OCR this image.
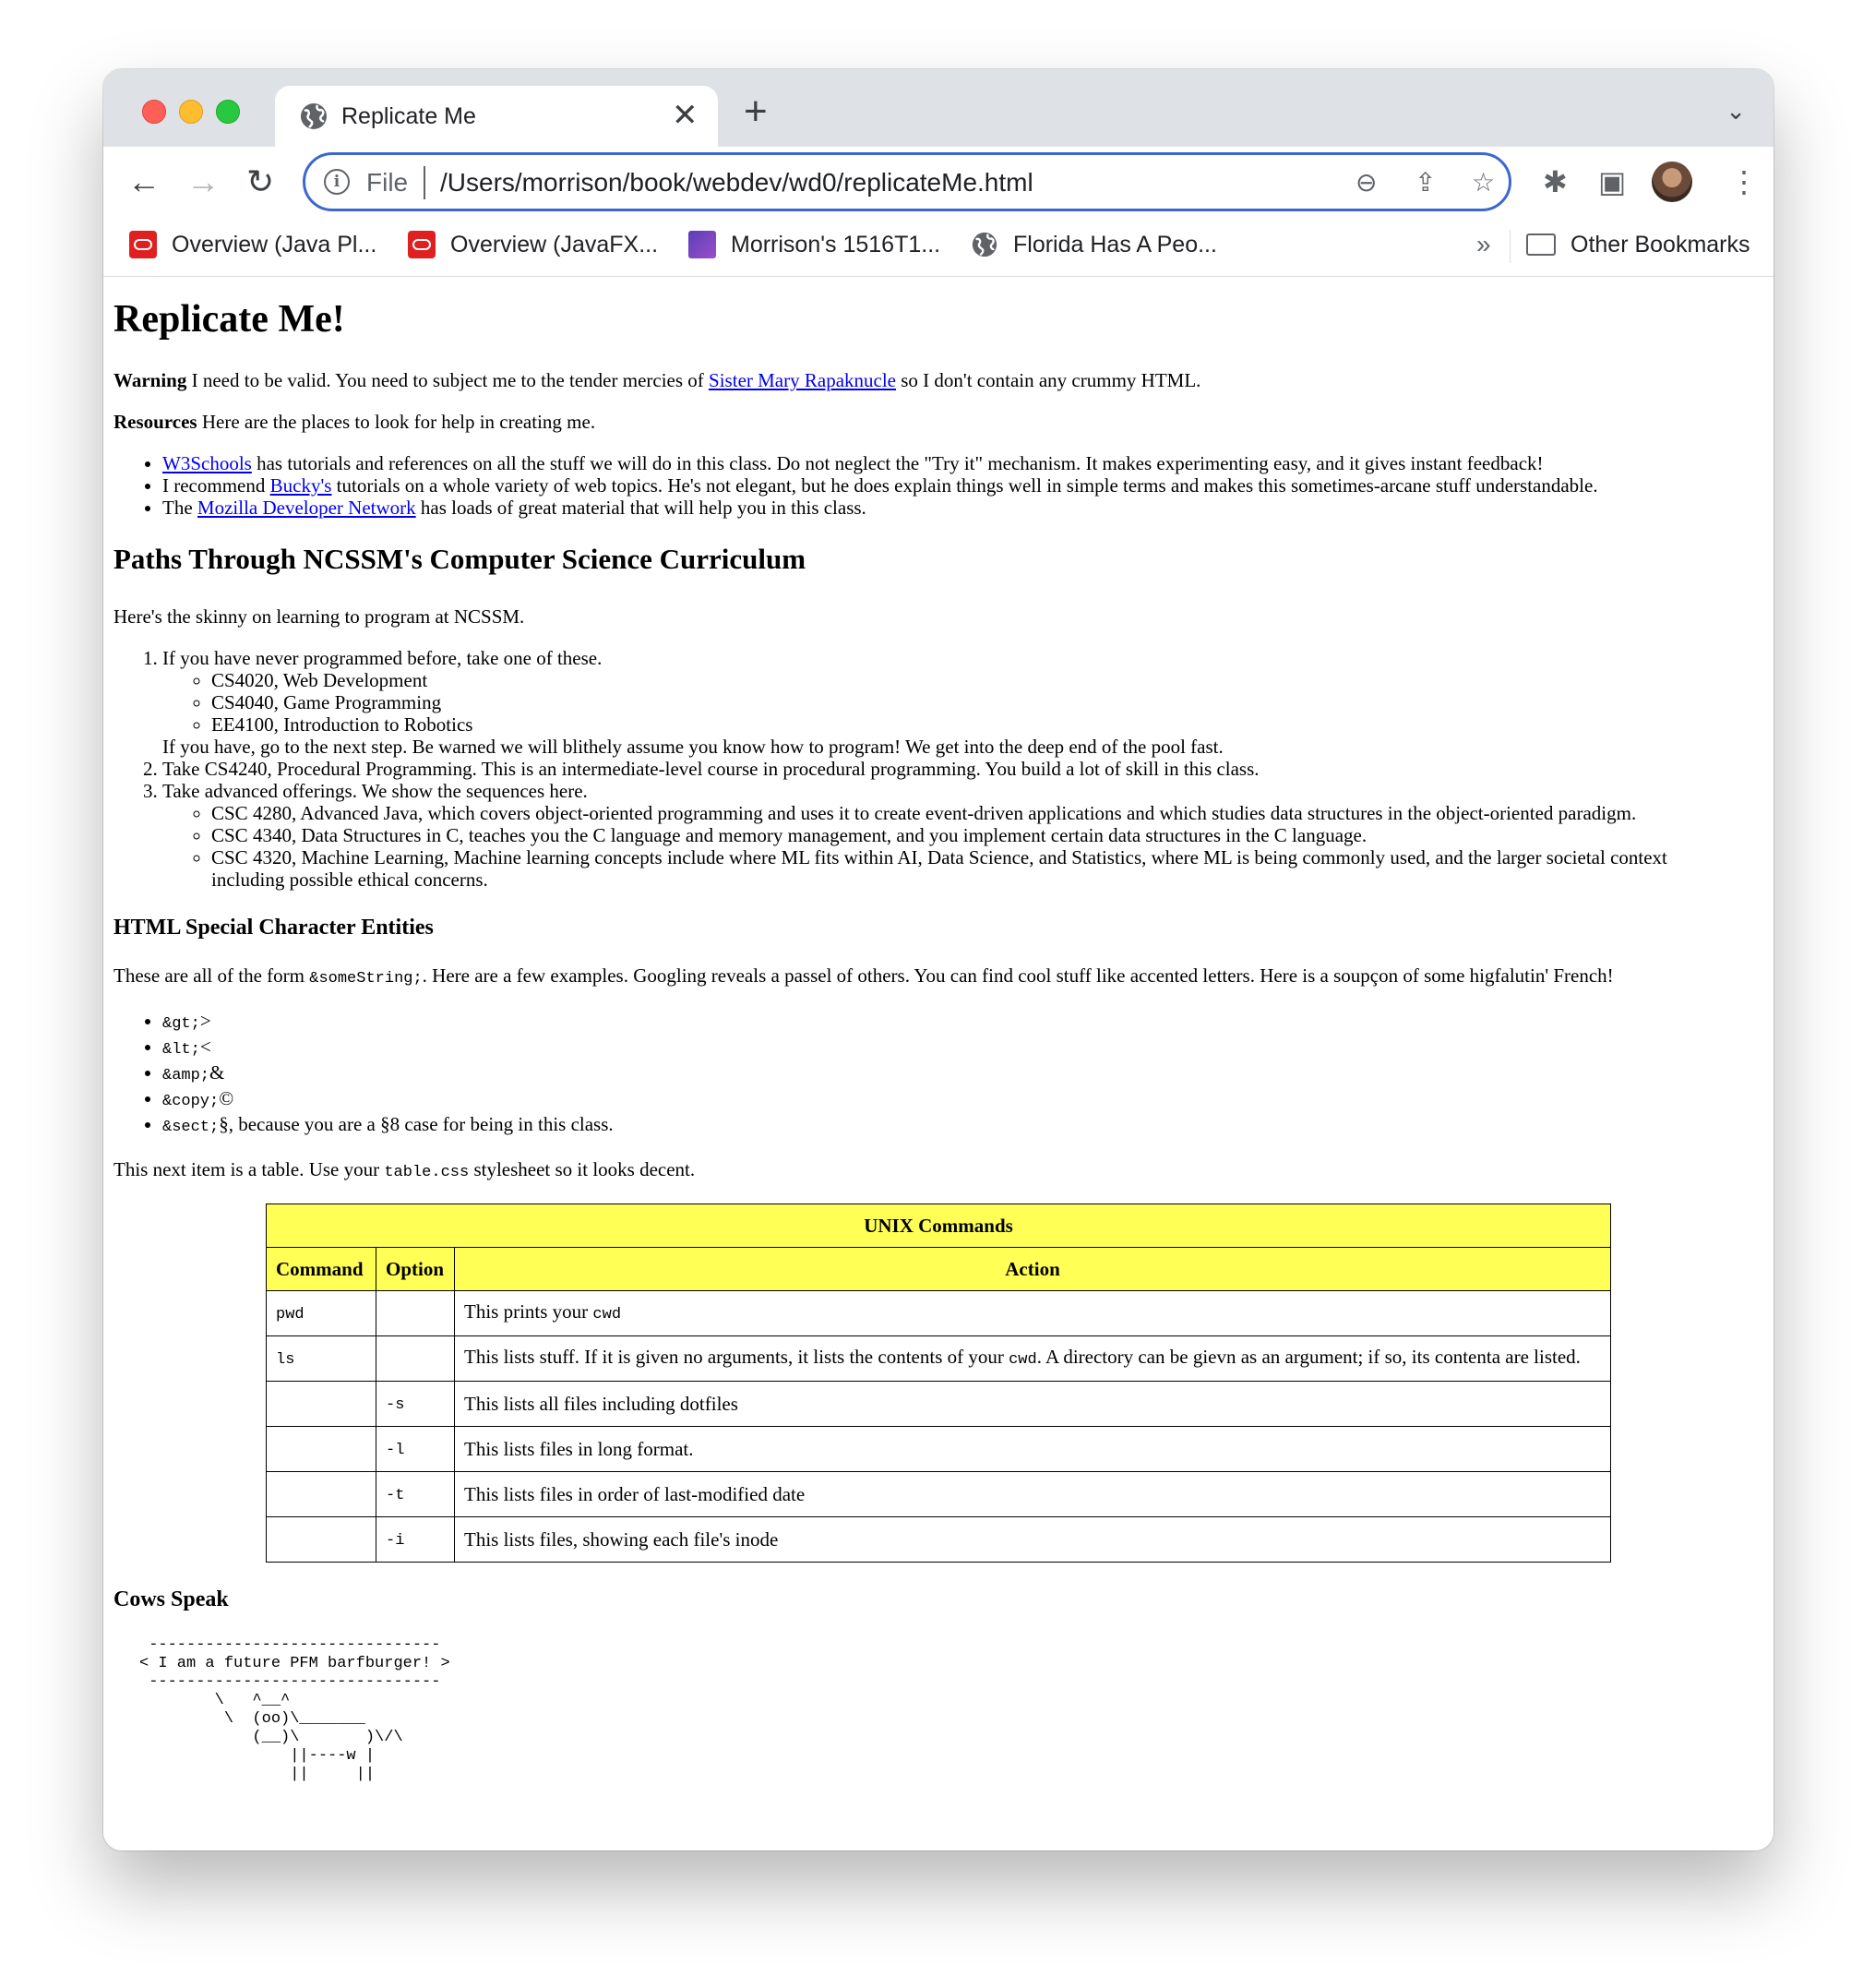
Replicate Me	✕ +	⌄
← → ↻	i	File /Users/morrison/book/webdev/wd0/replicateMe.html	⊖ ⇪ ☆ ✱ ▣	⋮
Overview (Java Pl...	Overview (JavaFX...	Morrison's 1516T1...	Florida Has A Peo...	»	Other Bookmarks
Replicate Me!

Warning I need to be valid. You need to subject me to the tender mercies of Sister Mary Rapaknucle so I don't contain any crummy HTML.

Resources Here are the places to look for help in creating me.

• W3Schools has tutorials and references on all the stuff we will do in this class. Do not neglect the "Try it" mechanism. It makes experimenting easy, and it gives instant feedback!
• I recommend Bucky's tutorials on a whole variety of web topics. He's not elegant, but he does explain things well in simple terms and makes this sometimes-arcane stuff understandable.
• The Mozilla Developer Network has loads of great material that will help you in this class.
Paths Through NCSSM's Computer Science Curriculum

Here's the skinny on learning to program at NCSSM.

1. If you have never programmed before, take one of these.
◦ CS4020, Web Development
◦ CS4040, Game Programming
◦ EE4100, Introduction to Robotics
If you have, go to the next step. Be warned we will blithely assume you know how to program! We get into the deep end of the pool fast.
2. Take CS4240, Procedural Programming. This is an intermediate-level course in procedural programming. You build a lot of skill in this class.
3. Take advanced offerings. We show the sequences here.
◦ CSC 4280, Advanced Java, which covers object-oriented programming and uses it to create event-driven applications and which studies data structures in the object-oriented paradigm.
◦ CSC 4340, Data Structures in C, teaches you the C language and memory management, and you implement certain data structures in the C language.
◦ CSC 4320, Machine Learning, Machine learning concepts include where ML fits within AI, Data Science, and Statistics, where ML is being commonly used, and the larger societal context including possible ethical concerns.
HTML Special Character Entities

These are all of the form &someString;. Here are a few examples. Googling reveals a passel of others. You can find cool stuff like accented letters. Here is a soupçon of some higfalutin' French!

• &gt;>
• &lt;<
• &amp;&
• &copy;©
• &sect;§, because you are a §8 case for being in this class.

This next item is a table. Use your table.css stylesheet so it looks decent.

UNIX Commands		
Command	Option	Action
pwd		This prints your cwd
ls		This lists stuff. If it is given no arguments, it lists the contents of your cwd. A directory can be gievn as an argument; if so, its contenta are listed.
	-s	This lists all files including dotfiles
	-l	This lists files in long format.
	-t	This lists files in order of last-modified date
	-i	This lists files, showing each file's inode
Cows Speak
-------------------------------
< I am a future PFM barfburger! >
-------------------------------
\   ^__^
\  (oo)\_______
(__)\       )\/\
||----w |
||     ||
